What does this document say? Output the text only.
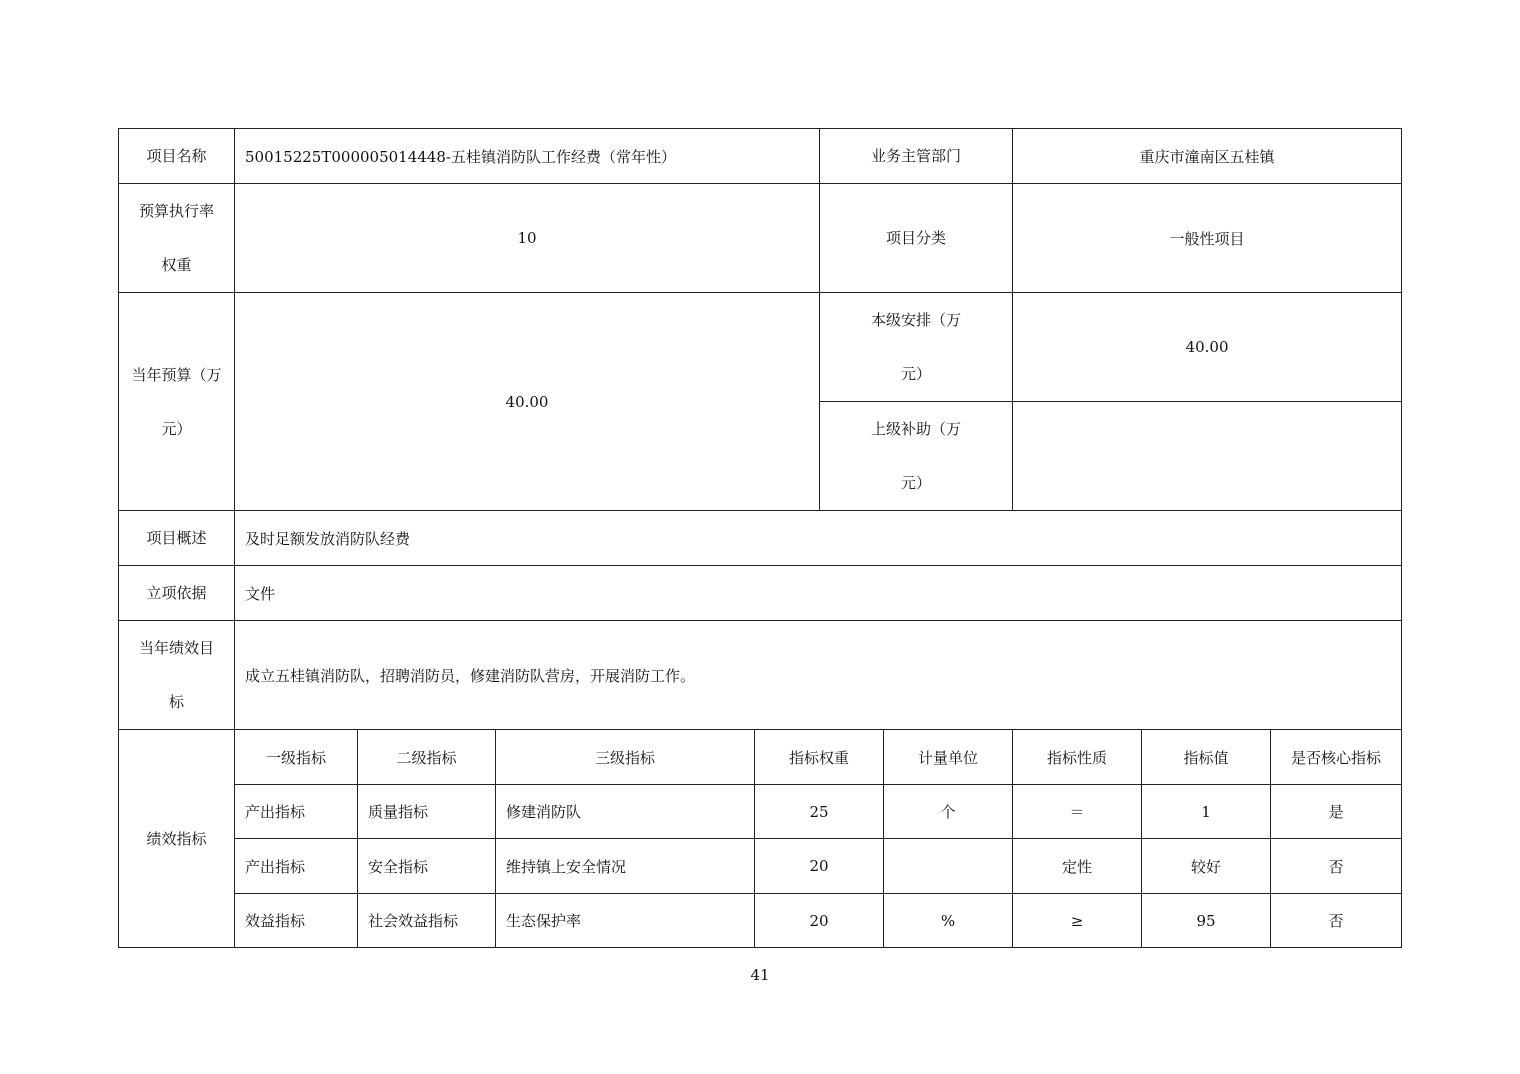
项目名称	50015225T000005014448-五桂镇消防队工作经费（常年性）				业务主管部门		重庆市潼南区五桂镇		

预算执行率权重	10				项目分类		一般性项目		

当年预算（万元）	40.00				本级安排（万元）		40.00		

					上级补助（万元）				

项目概述	及时足额发放消防队经费								
立项依据	文件								

当年绩效目标	成立五桂镇消防队，招聘消防员，修建消防队营房，开展消防工作。								
绩效指标	一级指标	二级指标	三级指标	指标权重		计量单位	指标性质	指标值	是否核心指标
	产出指标	质量指标	修建消防队	25		个	＝	1	是
	产出指标	安全指标	维持镇上安全情况	20			定性	较好	否
	效益指标	社会效益指标	生态保护率	20		%	≥	95	否
41
